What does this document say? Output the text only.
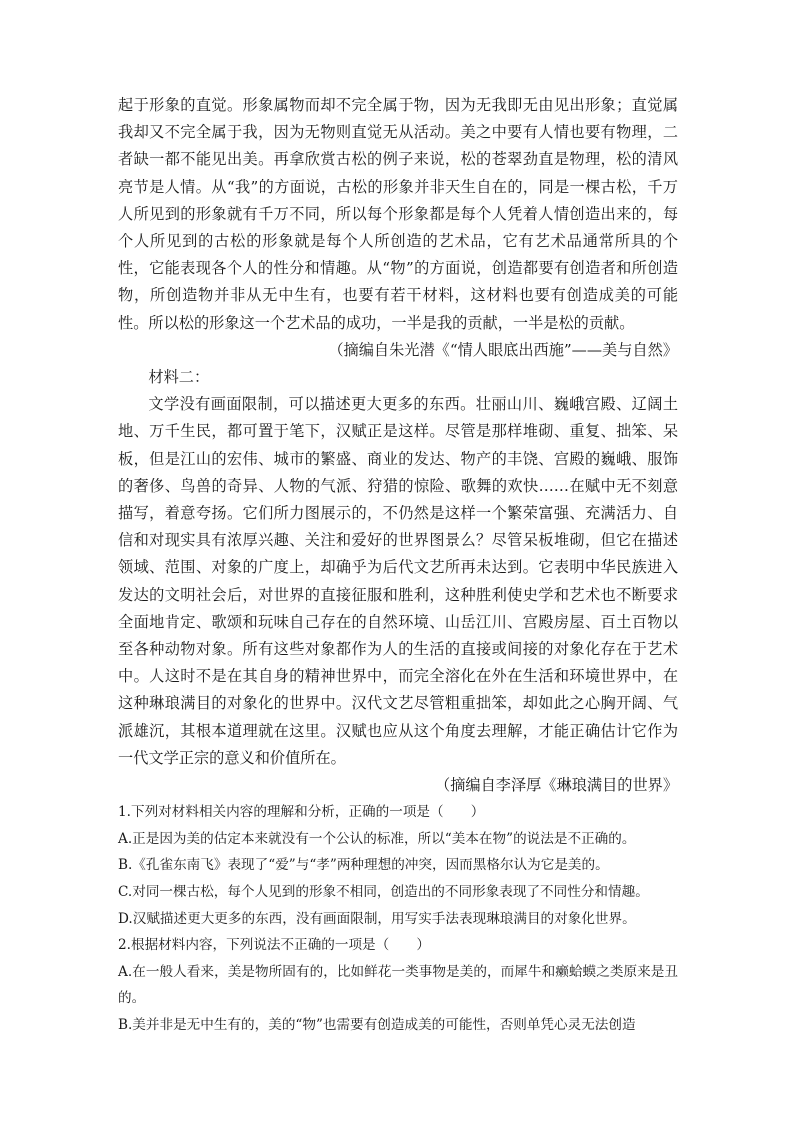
起于形象的直觉。形象属物而却不完全属于物，因为无我即无由见出形象；直觉属我却又不完全属于我，因为无物则直觉无从活动。美之中要有人情也要有物理，二者缺一都不能见出美。再拿欣赏古松的例子来说，松的苍翠劲直是物理，松的清风亮节是人情。从“我”的方面说，古松的形象并非天生自在的，同是一棵古松，千万人所见到的形象就有千万不同，所以每个形象都是每个人凭着人情创造出来的，每个人所见到的古松的形象就是每个人所创造的艺术品，它有艺术品通常所具的个性，它能表现各个人的性分和情趣。从“物”的方面说，创造都要有创造者和所创造物，所创造物并非从无中生有，也要有若干材料，这材料也要有创造成美的可能性。所以松的形象这一个艺术品的成功，一半是我的贡献，一半是松的贡献。

（摘编自朱光潜《“情人眼底出西施”——美与自然》

材料二：

文学没有画面限制，可以描述更大更多的东西。壮丽山川、巍峨宫殿、辽阔土地、万千生民，都可置于笔下，汉赋正是这样。尽管是那样堆砌、重复、拙笨、呆板，但是江山的宏伟、城市的繁盛、商业的发达、物产的丰饶、宫殿的巍峨、服饰的奢侈、鸟兽的奇异、人物的气派、狩猎的惊险、歌舞的欢快……在赋中无不刻意描写，着意夸扬。它们所力图展示的，不仍然是这样一个繁荣富强、充满活力、自信和对现实具有浓厚兴趣、关注和爱好的世界图景么？尽管呆板堆砌，但它在描述领域、范围、对象的广度上，却确乎为后代文艺所再未达到。它表明中华民族进入发达的文明社会后，对世界的直接征服和胜利，这种胜利使史学和艺术也不断要求全面地肯定、歌颂和玩味自己存在的自然环境、山岳江川、宫殿房屋、百土百物以至各种动物对象。所有这些对象都作为人的生活的直接或间接的对象化存在于艺术中。人这时不是在其自身的精神世界中，而完全溶化在外在生活和环境世界中，在这种琳琅满目的对象化的世界中。汉代文艺尽管粗重拙笨，却如此之心胸开阔、气派雄沉，其根本道理就在这里。汉赋也应从这个角度去理解，才能正确估计它作为一代文学正宗的意义和价值所在。

（摘编自李泽厚《琳琅满目的世界》

1.下列对材料相关内容的理解和分析，正确的一项是（　　）

A.正是因为美的估定本来就没有一个公认的标准，所以“美本在物”的说法是不正确的。

B.《孔雀东南飞》表现了“爱”与“孝”两种理想的冲突，因而黑格尔认为它是美的。

C.对同一棵古松，每个人见到的形象不相同，创造出的不同形象表现了不同性分和情趣。

D.汉赋描述更大更多的东西，没有画面限制，用写实手法表现琳琅满目的对象化世界。

2.根据材料内容，下列说法不正确的一项是（　　）

A.在一般人看来，美是物所固有的，比如鲜花一类事物是美的，而犀牛和癞蛤蟆之类原来是丑的。

B.美并非是无中生有的，美的“物”也需要有创造成美的可能性，否则单凭心灵无法创造
